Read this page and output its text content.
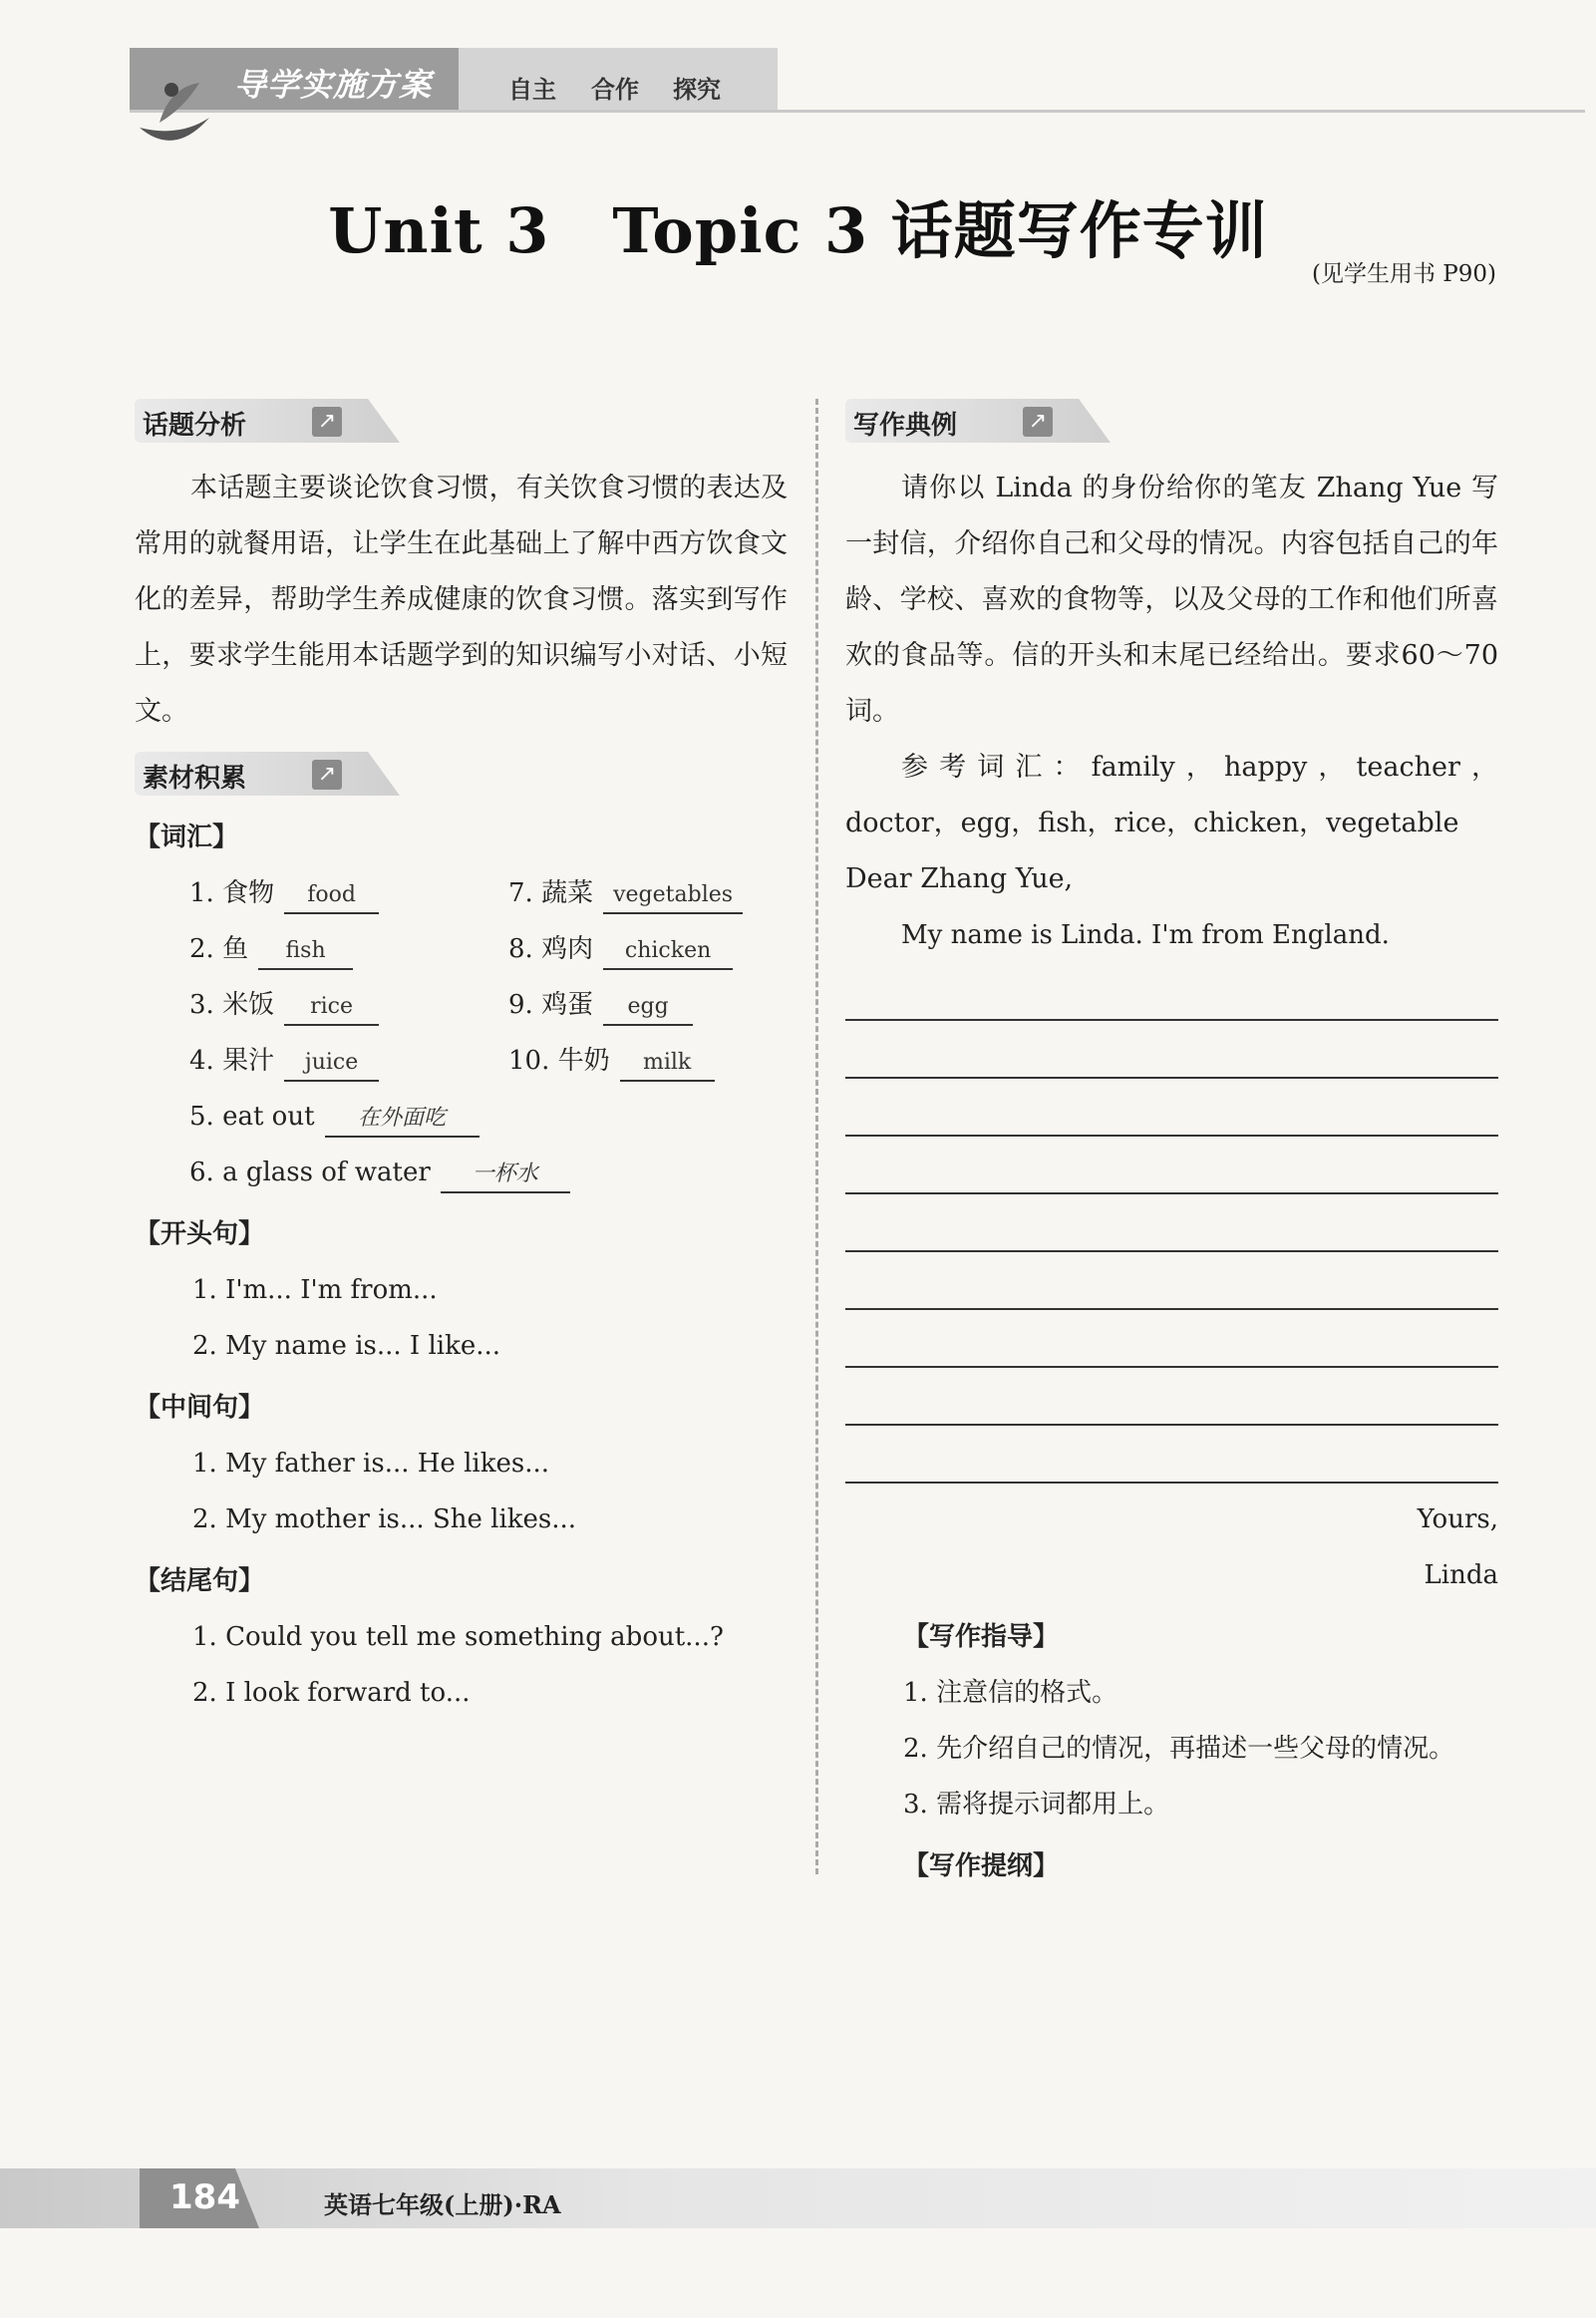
导学实施方案	自主 合作 探究
Unit 3　Topic 3 话题写作专训
(见学生用书 P90)
话题分析	↗

本话题主要谈论饮食习惯，有关饮食习惯的表达及常用的就餐用语，让学生在此基础上了解中西方饮食文化的差异，帮助学生养成健康的饮食习惯。落实到写作上，要求学生能用本话题学到的知识编写小对话、小短文。

素材积累	↗
【词汇】
1. 食物 food	7. 蔬菜 vegetables
2. 鱼 fish	8. 鸡肉 chicken
3. 米饭 rice	9. 鸡蛋 egg
4. 果汁 juice	10. 牛奶 milk
5. eat out 在外面吃
6. a glass of water 一杯水
【开头句】

1. I'm... I'm from...

2. My name is... I like...

【中间句】

1. My father is... He likes...

2. My mother is... She likes...

【结尾句】

1. Could you tell me something about...?

2. I look forward to...

写作典例	↗

请你以 Linda 的身份给你的笔友 Zhang Yue 写一封信，介绍你自己和父母的情况。内容包括自己的年龄、学校、喜欢的食物等，以及父母的工作和他们所喜欢的食品等。信的开头和末尾已经给出。要求60～70 词。

参考词汇：family，happy，teacher，doctor，egg，fish，rice，chicken，vegetable

Dear Zhang Yue,

My name is Linda. I'm from England.

Yours,

Linda

【写作指导】

1. 注意信的格式。

2. 先介绍自己的情况，再描述一些父母的情况。

3. 需将提示词都用上。

【写作提纲】
184	英语七年级(上册)·RA
